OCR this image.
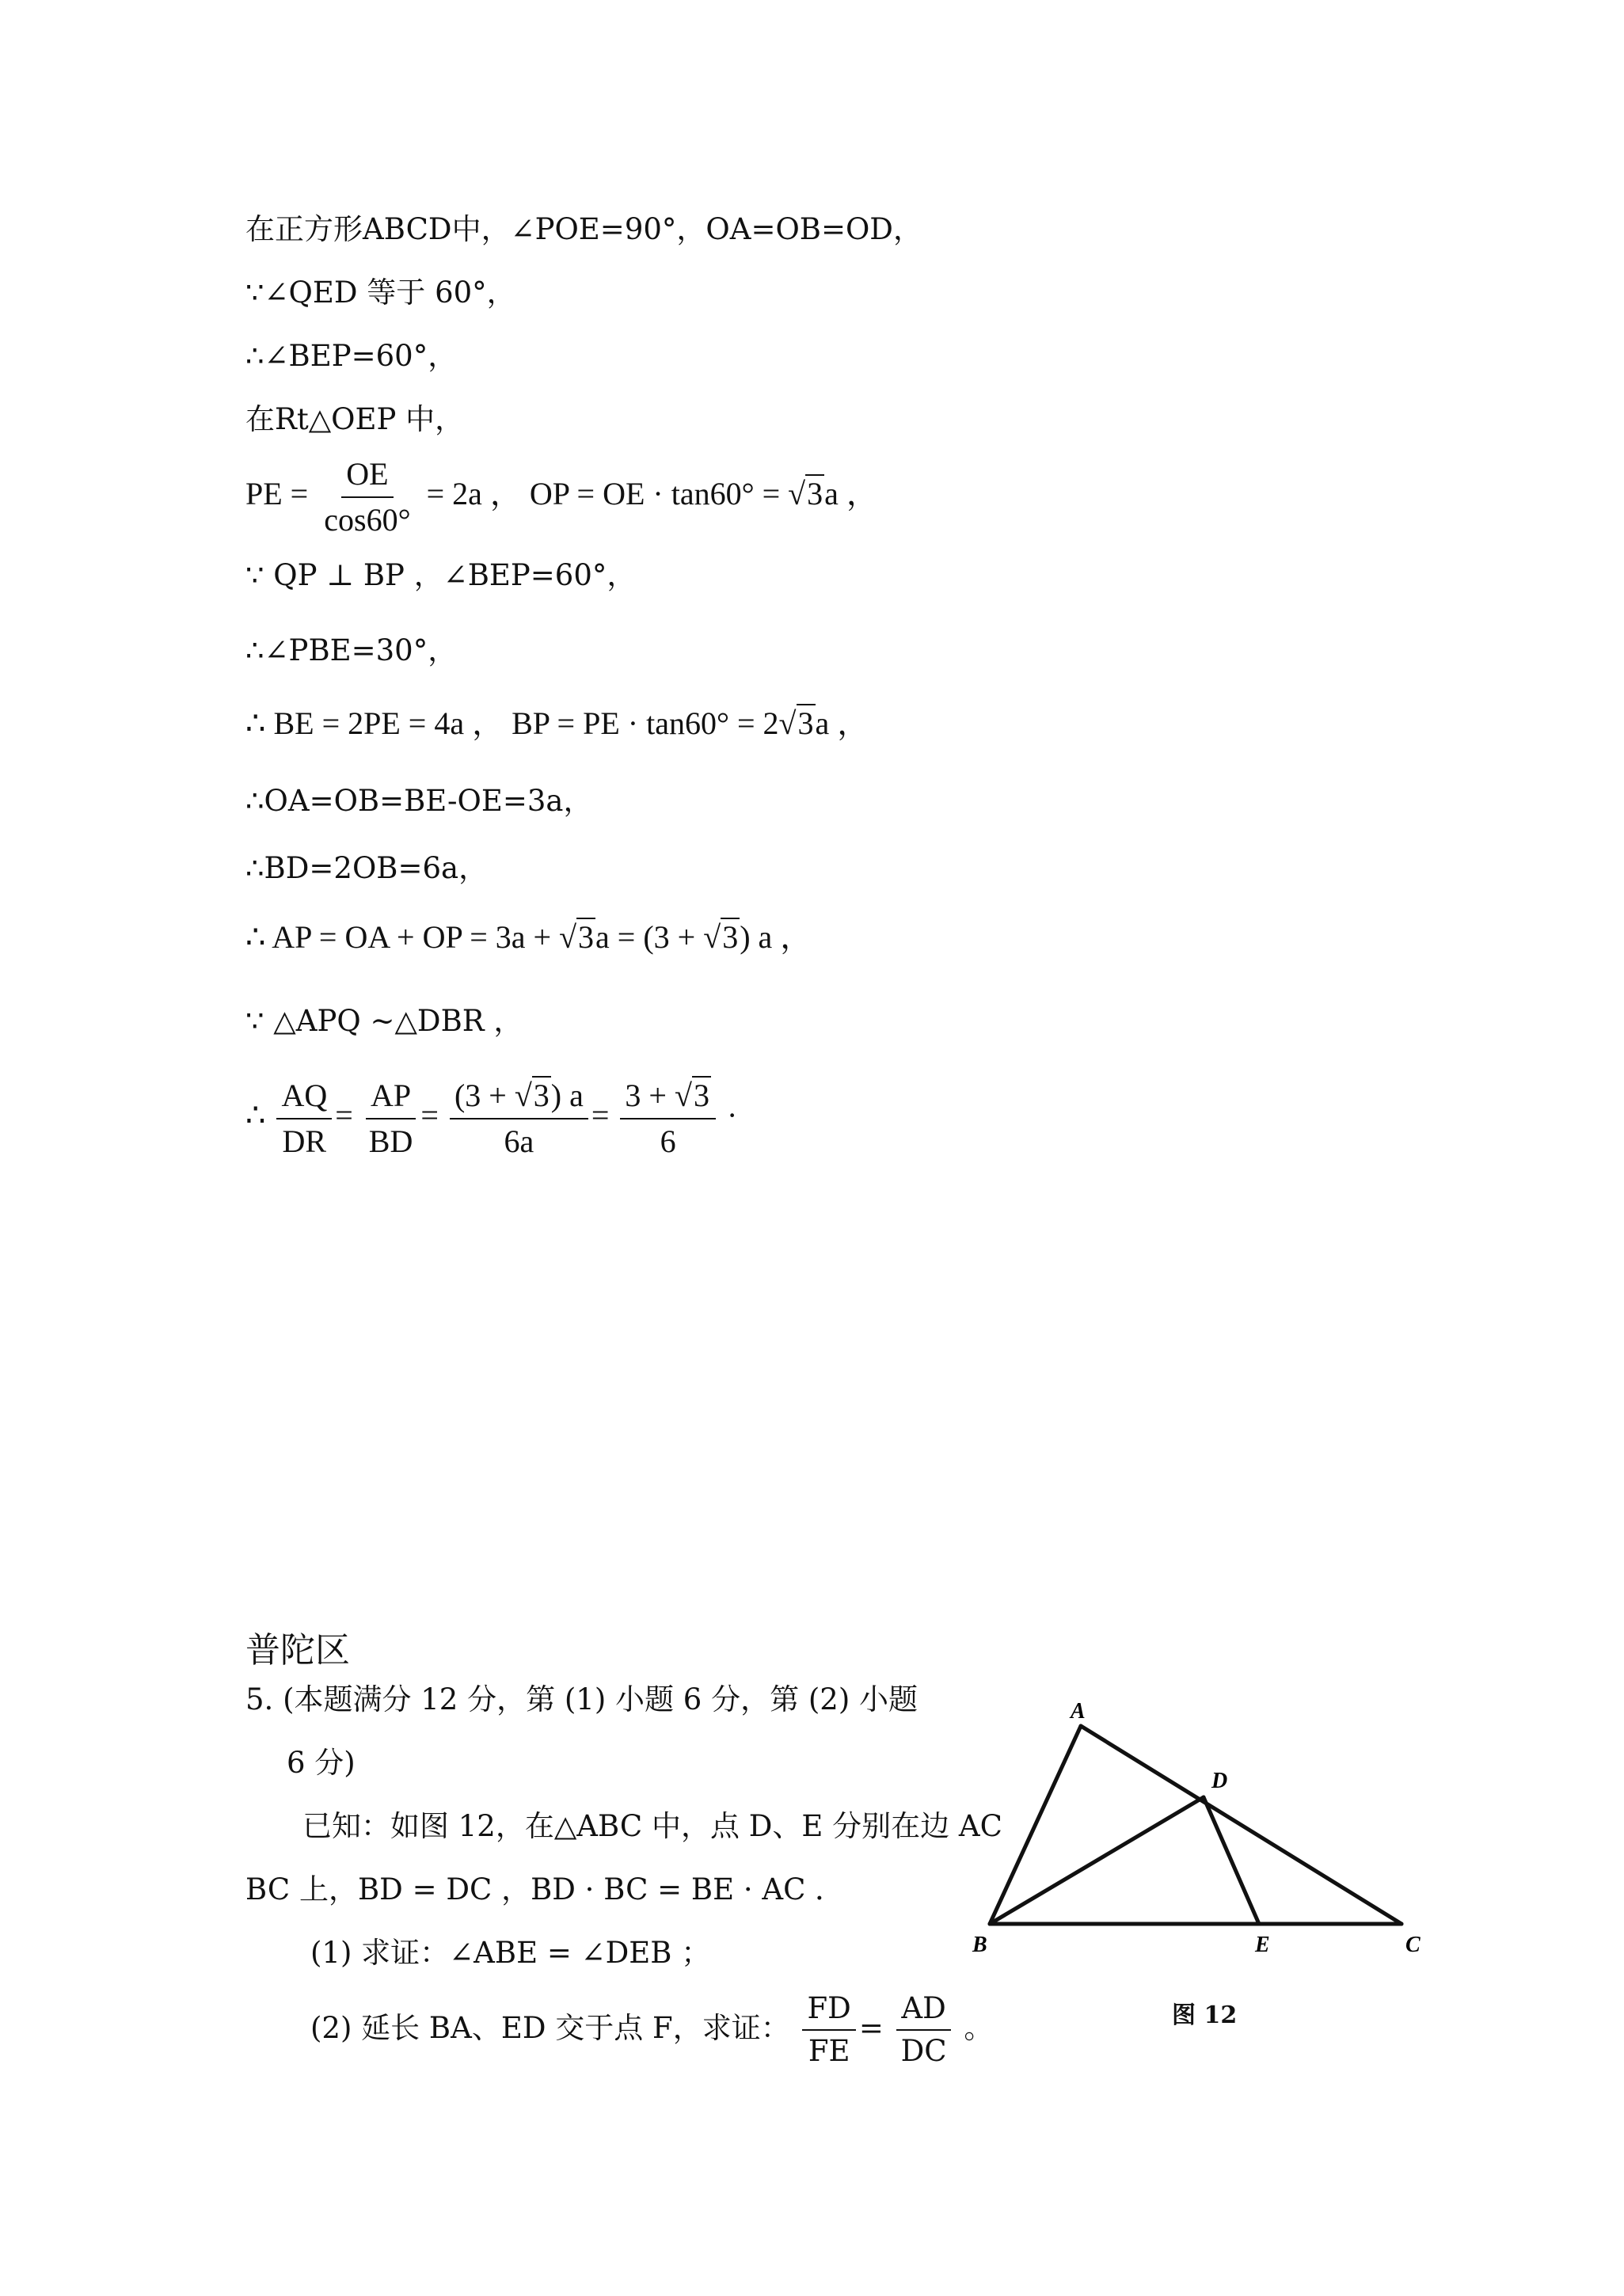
在正方形ABCD中，∠POE=90°，OA=OB=OD，
∵∠QED 等于 60°，
∴∠BEP=60°，
在Rt△OEP 中，
PE = $\frac{OE}{\cos 60^\circ} = 2a$ ， OP = OE · tan60° = √3a ，
∵ QP ⊥ BP ，∠BEP=60°，
∴∠PBE=30°，
∴ BE = 2PE = 4a ， BP = PE · tan60° = 2√3a ，
∴OA=OB=BE-OE=3a，
∴BD=2OB=6a，
∴ AP = OA + OP = 3a + √3a = (3 + √3) a ，
∵ △APQ ~△DBR ，
∴ $\frac{AQ}{DR} = \frac{AP}{BD} = \frac{(3 + √3) a}{6a} = \frac{3 + √3}{6}$ ·
普陀区
5. (本题满分 12 分，第 (1) 小题 6 分，第 (2) 小题
6 分)
已知：如图 12，在△ABC 中，点 D、E 分别在边 AC
BC 上，BD = DC ，BD · BC = BE · AC ．
(1) 求证：∠ABE = ∠DEB ；
(2) 延长 BA、ED 交于点 F，求证： $\frac{FD}{FE} = \frac{AD}{DC}$ 。
A
D
B	E	C
图 12
